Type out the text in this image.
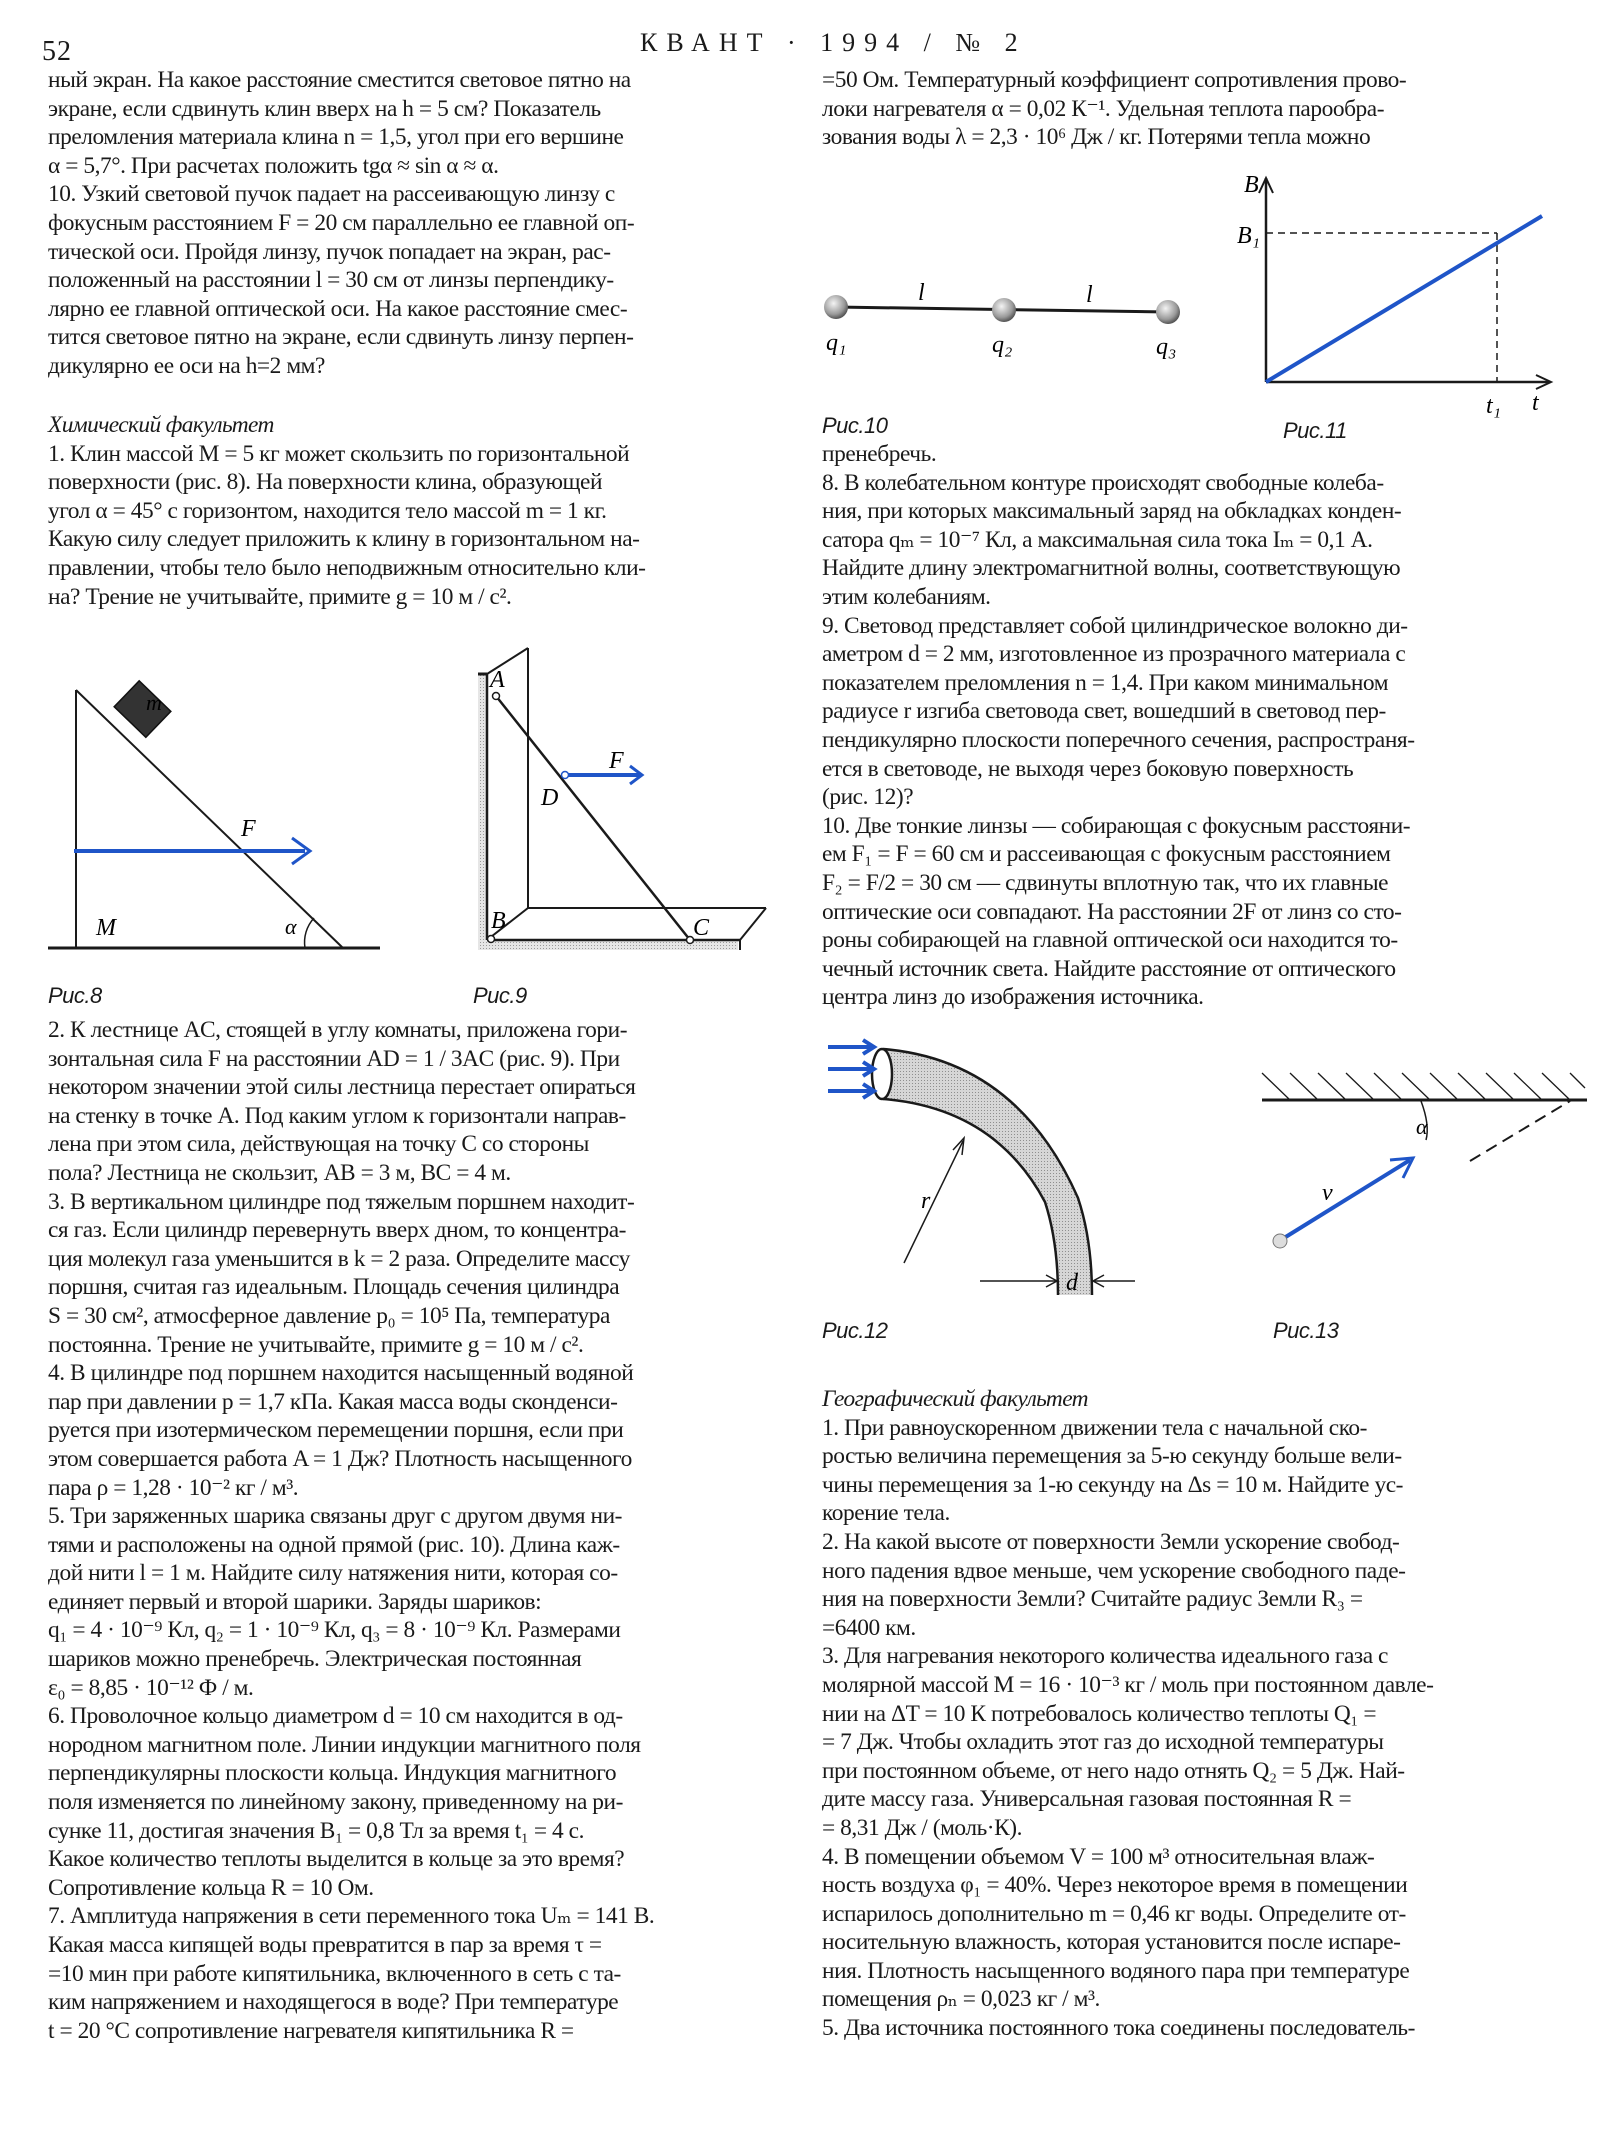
52	КВАНТ · 1994 / № 2
ный экран. На какое расстояние сместится световое пятно на
экране, если сдвинуть клин вверх на h = 5 см? Показатель
преломления материала клина n = 1,5, угол при его вершине
α = 5,7°. При расчетах положить tgα ≈ sin α ≈ α.
10. Узкий световой пучок падает на рассеивающую линзу с
фокусным расстоянием F = 20 см параллельно ее главной оп-
тической оси. Пройдя линзу, пучок попадает на экран, рас-
положенный на расстоянии l = 30 см от линзы перпендику-
лярно ее главной оптической оси. На какое расстояние смес-
тится световое пятно на экране, если сдвинуть линзу перпен-
дикулярно ее оси на h=2 мм?
Химический факультет
1. Клин массой M = 5 кг может скользить по горизонтальной
поверхности (рис. 8). На поверхности клина, образующей
угол α = 45° с горизонтом, находится тело массой m = 1 кг.
Какую силу следует приложить к клину в горизонтальном на-
правлении, чтобы тело было неподвижным относительно кли-
на? Трение не учитывайте, примите g = 10 м / с².
m
F
M	α
Рис.8
A
B	C
D
F
Рис.9
2. К лестнице AC, стоящей в углу комнаты, приложена гори-
зонтальная сила F на расстоянии AD = 1 / 3AC (рис. 9). При
некотором значении этой силы лестница перестает опираться
на стенку в точке A. Под каким углом к горизонтали направ-
лена при этом сила, действующая на точку C со стороны
пола? Лестница не скользит, AB = 3 м, BC = 4 м.
3. В вертикальном цилиндре под тяжелым поршнем находит-
ся газ. Если цилиндр перевернуть вверх дном, то концентра-
ция молекул газа уменьшится в k = 2 раза. Определите массу
поршня, считая газ идеальным. Площадь сечения цилиндра
S = 30 см², атмосферное давление p₀ = 10⁵ Па, температура
постоянна. Трение не учитывайте, примите g = 10 м / с².
4. В цилиндре под поршнем находится насыщенный водяной
пар при давлении p = 1,7 кПа. Какая масса воды сконденси-
руется при изотермическом перемещении поршня, если при
этом совершается работа A = 1 Дж? Плотность насыщенного
пара ρ = 1,28 · 10⁻² кг / м³.
5. Три заряженных шарика связаны друг с другом двумя ни-
тями и расположены на одной прямой (рис. 10). Длина каж-
дой нити l = 1 м. Найдите силу натяжения нити, которая со-
единяет первый и второй шарики. Заряды шариков:
q₁ = 4 · 10⁻⁹ Кл, q₂ = 1 · 10⁻⁹ Кл, q₃ = 8 · 10⁻⁹ Кл. Размерами
шариков можно пренебречь. Электрическая постоянная
ε₀ = 8,85 · 10⁻¹² Ф / м.
6. Проволочное кольцо диаметром d = 10 см находится в од-
нородном магнитном поле. Линии индукции магнитного поля
перпендикулярны плоскости кольца. Индукция магнитного
поля изменяется по линейному закону, приведенному на ри-
сунке 11, достигая значения B₁ = 0,8 Тл за время t₁ = 4 с.
Какое количество теплоты выделится в кольце за это время?
Сопротивление кольца R = 10 Ом.
7. Амплитуда напряжения в сети переменного тока Uₘ = 141 В.
Какая масса кипящей воды превратится в пар за время τ =
=10 мин при работе кипятильника, включенного в сеть с та-
ким напряжением и находящегося в воде? При температуре
t = 20 °С сопротивление нагревателя кипятильника R =
=50 Ом. Температурный коэффициент сопротивления прово-
локи нагревателя α = 0,02 К⁻¹. Удельная теплота парообра-
зования воды λ = 2,3 · 10⁶ Дж / кг. Потерями тепла можно
l	l
q₁	q₂	q₃
Рис.10
B
B₁
t₁ t
Рис.11
пренебречь.
8. В колебательном контуре происходят свободные колеба-
ния, при которых максимальный заряд на обкладках конден-
сатора qₘ = 10⁻⁷ Кл, а максимальная сила тока Iₘ = 0,1 А.
Найдите длину электромагнитной волны, соответствующую
этим колебаниям.
9. Световод представляет собой цилиндрическое волокно ди-
аметром d = 2 мм, изготовленное из прозрачного материала с
показателем преломления n = 1,4. При каком минимальном
радиусе r изгиба световода свет, вошедший в световод пер-
пендикулярно плоскости поперечного сечения, распространя-
ется в световоде, не выходя через боковую поверхность
(рис. 12)?
10. Две тонкие линзы — собирающая с фокусным расстояни-
ем F₁ = F = 60 см и рассеивающая с фокусным расстоянием
F₂ = F/2 = 30 см — сдвинуты вплотную так, что их главные
оптические оси совпадают. На расстоянии 2F от линз со сто-
роны собирающей на главной оптической оси находится то-
чечный источник света. Найдите расстояние от оптического
центра линз до изображения источника.
r
d
Рис.12
α
v
Рис.13
Географический факультет
1. При равноускоренном движении тела с начальной ско-
ростью величина перемещения за 5-ю секунду больше вели-
чины перемещения за 1-ю секунду на Δs = 10 м. Найдите ус-
корение тела.
2. На какой высоте от поверхности Земли ускорение свобод-
ного падения вдвое меньше, чем ускорение свободного паде-
ния на поверхности Земли? Считайте радиус Земли R₃ =
=6400 км.
3. Для нагревания некоторого количества идеального газа с
молярной массой M = 16 · 10⁻³ кг / моль при постоянном давле-
нии на ΔT = 10 К потребовалось количество теплоты Q₁ =
= 7 Дж. Чтобы охладить этот газ до исходной температуры
при постоянном объеме, от него надо отнять Q₂ = 5 Дж. Най-
дите массу газа. Универсальная газовая постоянная R =
= 8,31 Дж / (моль·К).
4. В помещении объемом V = 100 м³ относительная влаж-
ность воздуха φ₁ = 40%. Через некоторое время в помещении
испарилось дополнительно m = 0,46 кг воды. Определите от-
носительную влажность, которая установится после испаре-
ния. Плотность насыщенного водяного пара при температуре
помещения ρₙ = 0,023 кг / м³.
5. Два источника постоянного тока соединены последователь-
